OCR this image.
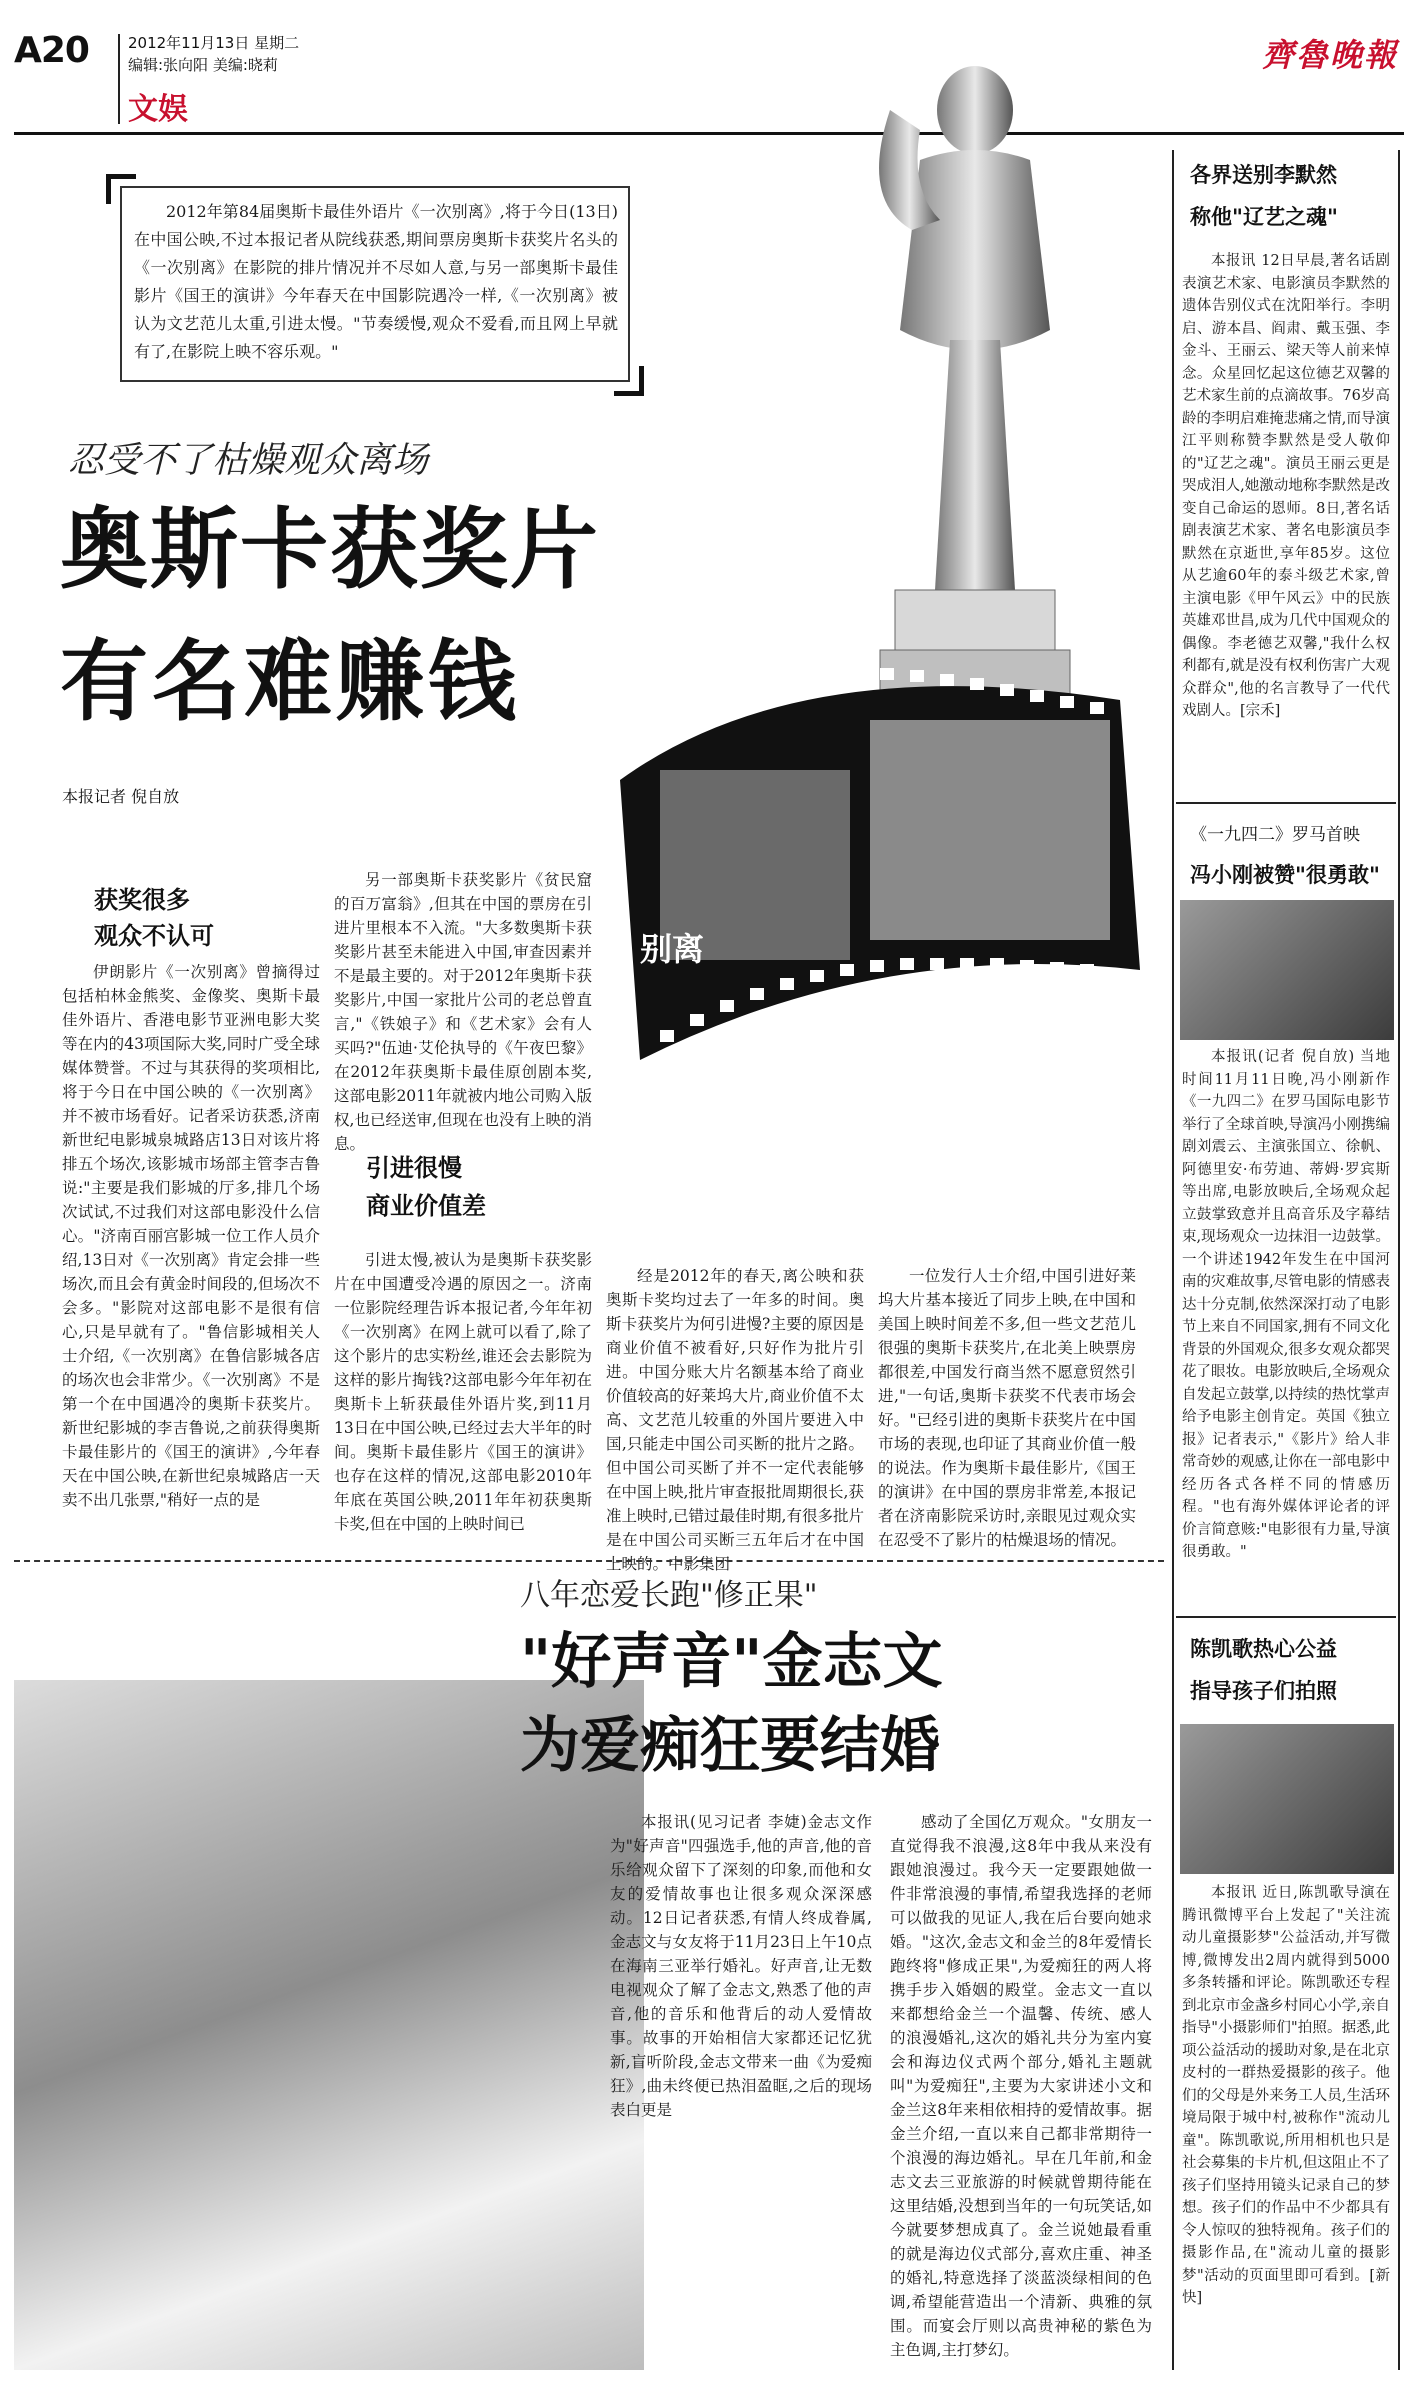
A20	2012年11月13日 星期二
编辑:张向阳 美编:晓莉
文娱
齊魯晚報
2012年第84届奥斯卡最佳外语片《一次别离》,将于今日(13日)在中国公映,不过本报记者从院线获悉,期间票房奥斯卡获奖片名头的《一次别离》在影院的排片情况并不尽如人意,与另一部奥斯卡最佳影片《国王的演讲》今年春天在中国影院遇冷一样,《一次别离》被认为文艺范儿太重,引进太慢。"节奏缓慢,观众不爱看,而且网上早就有了,在影院上映不容乐观。"
别离
忍受不了枯燥观众离场
奥斯卡获奖片
有名难赚钱
本报记者 倪自放
获奖很多
观众不认可

伊朗影片《一次别离》曾摘得过包括柏林金熊奖、金像奖、奥斯卡最佳外语片、香港电影节亚洲电影大奖等在内的43项国际大奖,同时广受全球媒体赞誉。不过与其获得的奖项相比,将于今日在中国公映的《一次别离》并不被市场看好。记者采访获悉,济南新世纪电影城泉城路店13日对该片将排五个场次,该影城市场部主管李吉鲁说:"主要是我们影城的厅多,排几个场次试试,不过我们对这部电影没什么信心。"济南百丽宫影城一位工作人员介绍,13日对《一次别离》肯定会排一些场次,而且会有黄金时间段的,但场次不会多。"影院对这部电影不是很有信心,只是早就有了。"鲁信影城相关人士介绍,《一次别离》在鲁信影城各店的场次也会非常少。《一次别离》不是第一个在中国遇冷的奥斯卡获奖片。新世纪影城的李吉鲁说,之前获得奥斯卡最佳影片的《国王的演讲》,今年春天在中国公映,在新世纪泉城路店一天卖不出几张票,"稍好一点的是

另一部奥斯卡获奖影片《贫民窟的百万富翁》,但其在中国的票房在引进片里根本不入流。"大多数奥斯卡获奖影片甚至未能进入中国,审查因素并不是最主要的。对于2012年奥斯卡获奖影片,中国一家批片公司的老总曾直言,"《铁娘子》和《艺术家》会有人买吗?"伍迪·艾伦执导的《午夜巴黎》在2012年获奥斯卡最佳原创剧本奖,这部电影2011年就被内地公司购入版权,也已经送审,但现在也没有上映的消息。

引进很慢
商业价值差

引进太慢,被认为是奥斯卡获奖影片在中国遭受冷遇的原因之一。济南一位影院经理告诉本报记者,今年年初《一次别离》在网上就可以看了,除了这个影片的忠实粉丝,谁还会去影院为这样的影片掏钱?这部电影今年年初在奥斯卡上斩获最佳外语片奖,到11月13日在中国公映,已经过去大半年的时间。奥斯卡最佳影片《国王的演讲》也存在这样的情况,这部电影2010年年底在英国公映,2011年年初获奥斯卡奖,但在中国的上映时间已

经是2012年的春天,离公映和获奥斯卡奖均过去了一年多的时间。奥斯卡获奖片为何引进慢?主要的原因是商业价值不被看好,只好作为批片引进。中国分账大片名额基本给了商业价值较高的好莱坞大片,商业价值不太高、文艺范儿较重的外国片要进入中国,只能走中国公司买断的批片之路。但中国公司买断了并不一定代表能够在中国上映,批片审查报批周期很长,获准上映时,已错过最佳时期,有很多批片是在中国公司买断三五年后才在中国上映的。中影集团

一位发行人士介绍,中国引进好莱坞大片基本接近了同步上映,在中国和美国上映时间差不多,但一些文艺范儿很强的奥斯卡获奖片,在北美上映票房都很差,中国发行商当然不愿意贸然引进,"一句话,奥斯卡获奖不代表市场会好。"已经引进的奥斯卡获奖片在中国市场的表现,也印证了其商业价值一般的说法。作为奥斯卡最佳影片,《国王的演讲》在中国的票房非常差,本报记者在济南影院采访时,亲眼见过观众实在忍受不了影片的枯燥退场的情况。

八年恋爱长跑"修正果"
"好声音"金志文
为爱痴狂要结婚

本报讯(见习记者 李婕)金志文作为"好声音"四强选手,他的声音,他的音乐给观众留下了深刻的印象,而他和女友的爱情故事也让很多观众深深感动。12日记者获悉,有情人终成眷属,金志文与女友将于11月23日上午10点在海南三亚举行婚礼。好声音,让无数电视观众了解了金志文,熟悉了他的声音,他的音乐和他背后的动人爱情故事。故事的开始相信大家都还记忆犹新,盲听阶段,金志文带来一曲《为爱痴狂》,曲未终便已热泪盈眶,之后的现场表白更是

感动了全国亿万观众。"女朋友一直觉得我不浪漫,这8年中我从来没有跟她浪漫过。我今天一定要跟她做一件非常浪漫的事情,希望我选择的老师可以做我的见证人,我在后台要向她求婚。"这次,金志文和金兰的8年爱情长跑终将"修成正果",为爱痴狂的两人将携手步入婚姻的殿堂。金志文一直以来都想给金兰一个温馨、传统、感人的浪漫婚礼,这次的婚礼共分为室内宴会和海边仪式两个部分,婚礼主题就叫"为爱痴狂",主要为大家讲述小文和金兰这8年来相依相持的爱情故事。据金兰介绍,一直以来自己都非常期待一个浪漫的海边婚礼。早在几年前,和金志文去三亚旅游的时候就曾期待能在这里结婚,没想到当年的一句玩笑话,如今就要梦想成真了。金兰说她最看重的就是海边仪式部分,喜欢庄重、神圣的婚礼,特意选择了淡蓝淡绿相间的色调,希望能营造出一个清新、典雅的氛围。而宴会厅则以高贵神秘的紫色为主色调,主打梦幻。

各界送别李默然
称他"辽艺之魂"

本报讯 12日早晨,著名话剧表演艺术家、电影演员李默然的遗体告别仪式在沈阳举行。李明启、游本昌、阎肃、戴玉强、李金斗、王丽云、梁天等人前来悼念。众星回忆起这位德艺双馨的艺术家生前的点滴故事。76岁高龄的李明启难掩悲痛之情,而导演江平则称赞李默然是受人敬仰的"辽艺之魂"。演员王丽云更是哭成泪人,她激动地称李默然是改变自己命运的恩师。8日,著名话剧表演艺术家、著名电影演员李默然在京逝世,享年85岁。这位从艺逾60年的泰斗级艺术家,曾主演电影《甲午风云》中的民族英雄邓世昌,成为几代中国观众的偶像。李老德艺双馨,"我什么权利都有,就是没有权利伤害广大观众群众",他的名言教导了一代代戏剧人。[宗禾]

《一九四二》罗马首映
冯小刚被赞"很勇敢"

本报讯(记者 倪自放) 当地时间11月11日晚,冯小刚新作《一九四二》在罗马国际电影节举行了全球首映,导演冯小刚携编剧刘震云、主演张国立、徐帆、阿德里安·布劳迪、蒂姆·罗宾斯等出席,电影放映后,全场观众起立鼓掌致意并且高音乐及字幕结束,现场观众一边抹泪一边鼓掌。一个讲述1942年发生在中国河南的灾难故事,尽管电影的情感表达十分克制,依然深深打动了电影节上来自不同国家,拥有不同文化背景的外国观众,很多女观众都哭花了眼妆。电影放映后,全场观众自发起立鼓掌,以持续的热忱掌声给予电影主创肯定。英国《独立报》记者表示,"《影片》给人非常奇妙的观感,让你在一部电影中经历各式各样不同的情感历程。"也有海外媒体评论者的评价言简意赅:"电影很有力量,导演很勇敢。"

陈凯歌热心公益
指导孩子们拍照

本报讯 近日,陈凯歌导演在腾讯微博平台上发起了"关注流动儿童摄影梦"公益活动,并写微博,微博发出2周内就得到5000多条转播和评论。陈凯歌还专程到北京市金盏乡村同心小学,亲自指导"小摄影师们"拍照。据悉,此项公益活动的援助对象,是在北京皮村的一群热爱摄影的孩子。他们的父母是外来务工人员,生活环境局限于城中村,被称作"流动儿童"。陈凯歌说,所用相机也只是社会募集的卡片机,但这阻止不了孩子们坚持用镜头记录自己的梦想。孩子们的作品中不少都具有令人惊叹的独特视角。孩子们的摄影作品,在"流动儿童的摄影梦"活动的页面里即可看到。[新快]
